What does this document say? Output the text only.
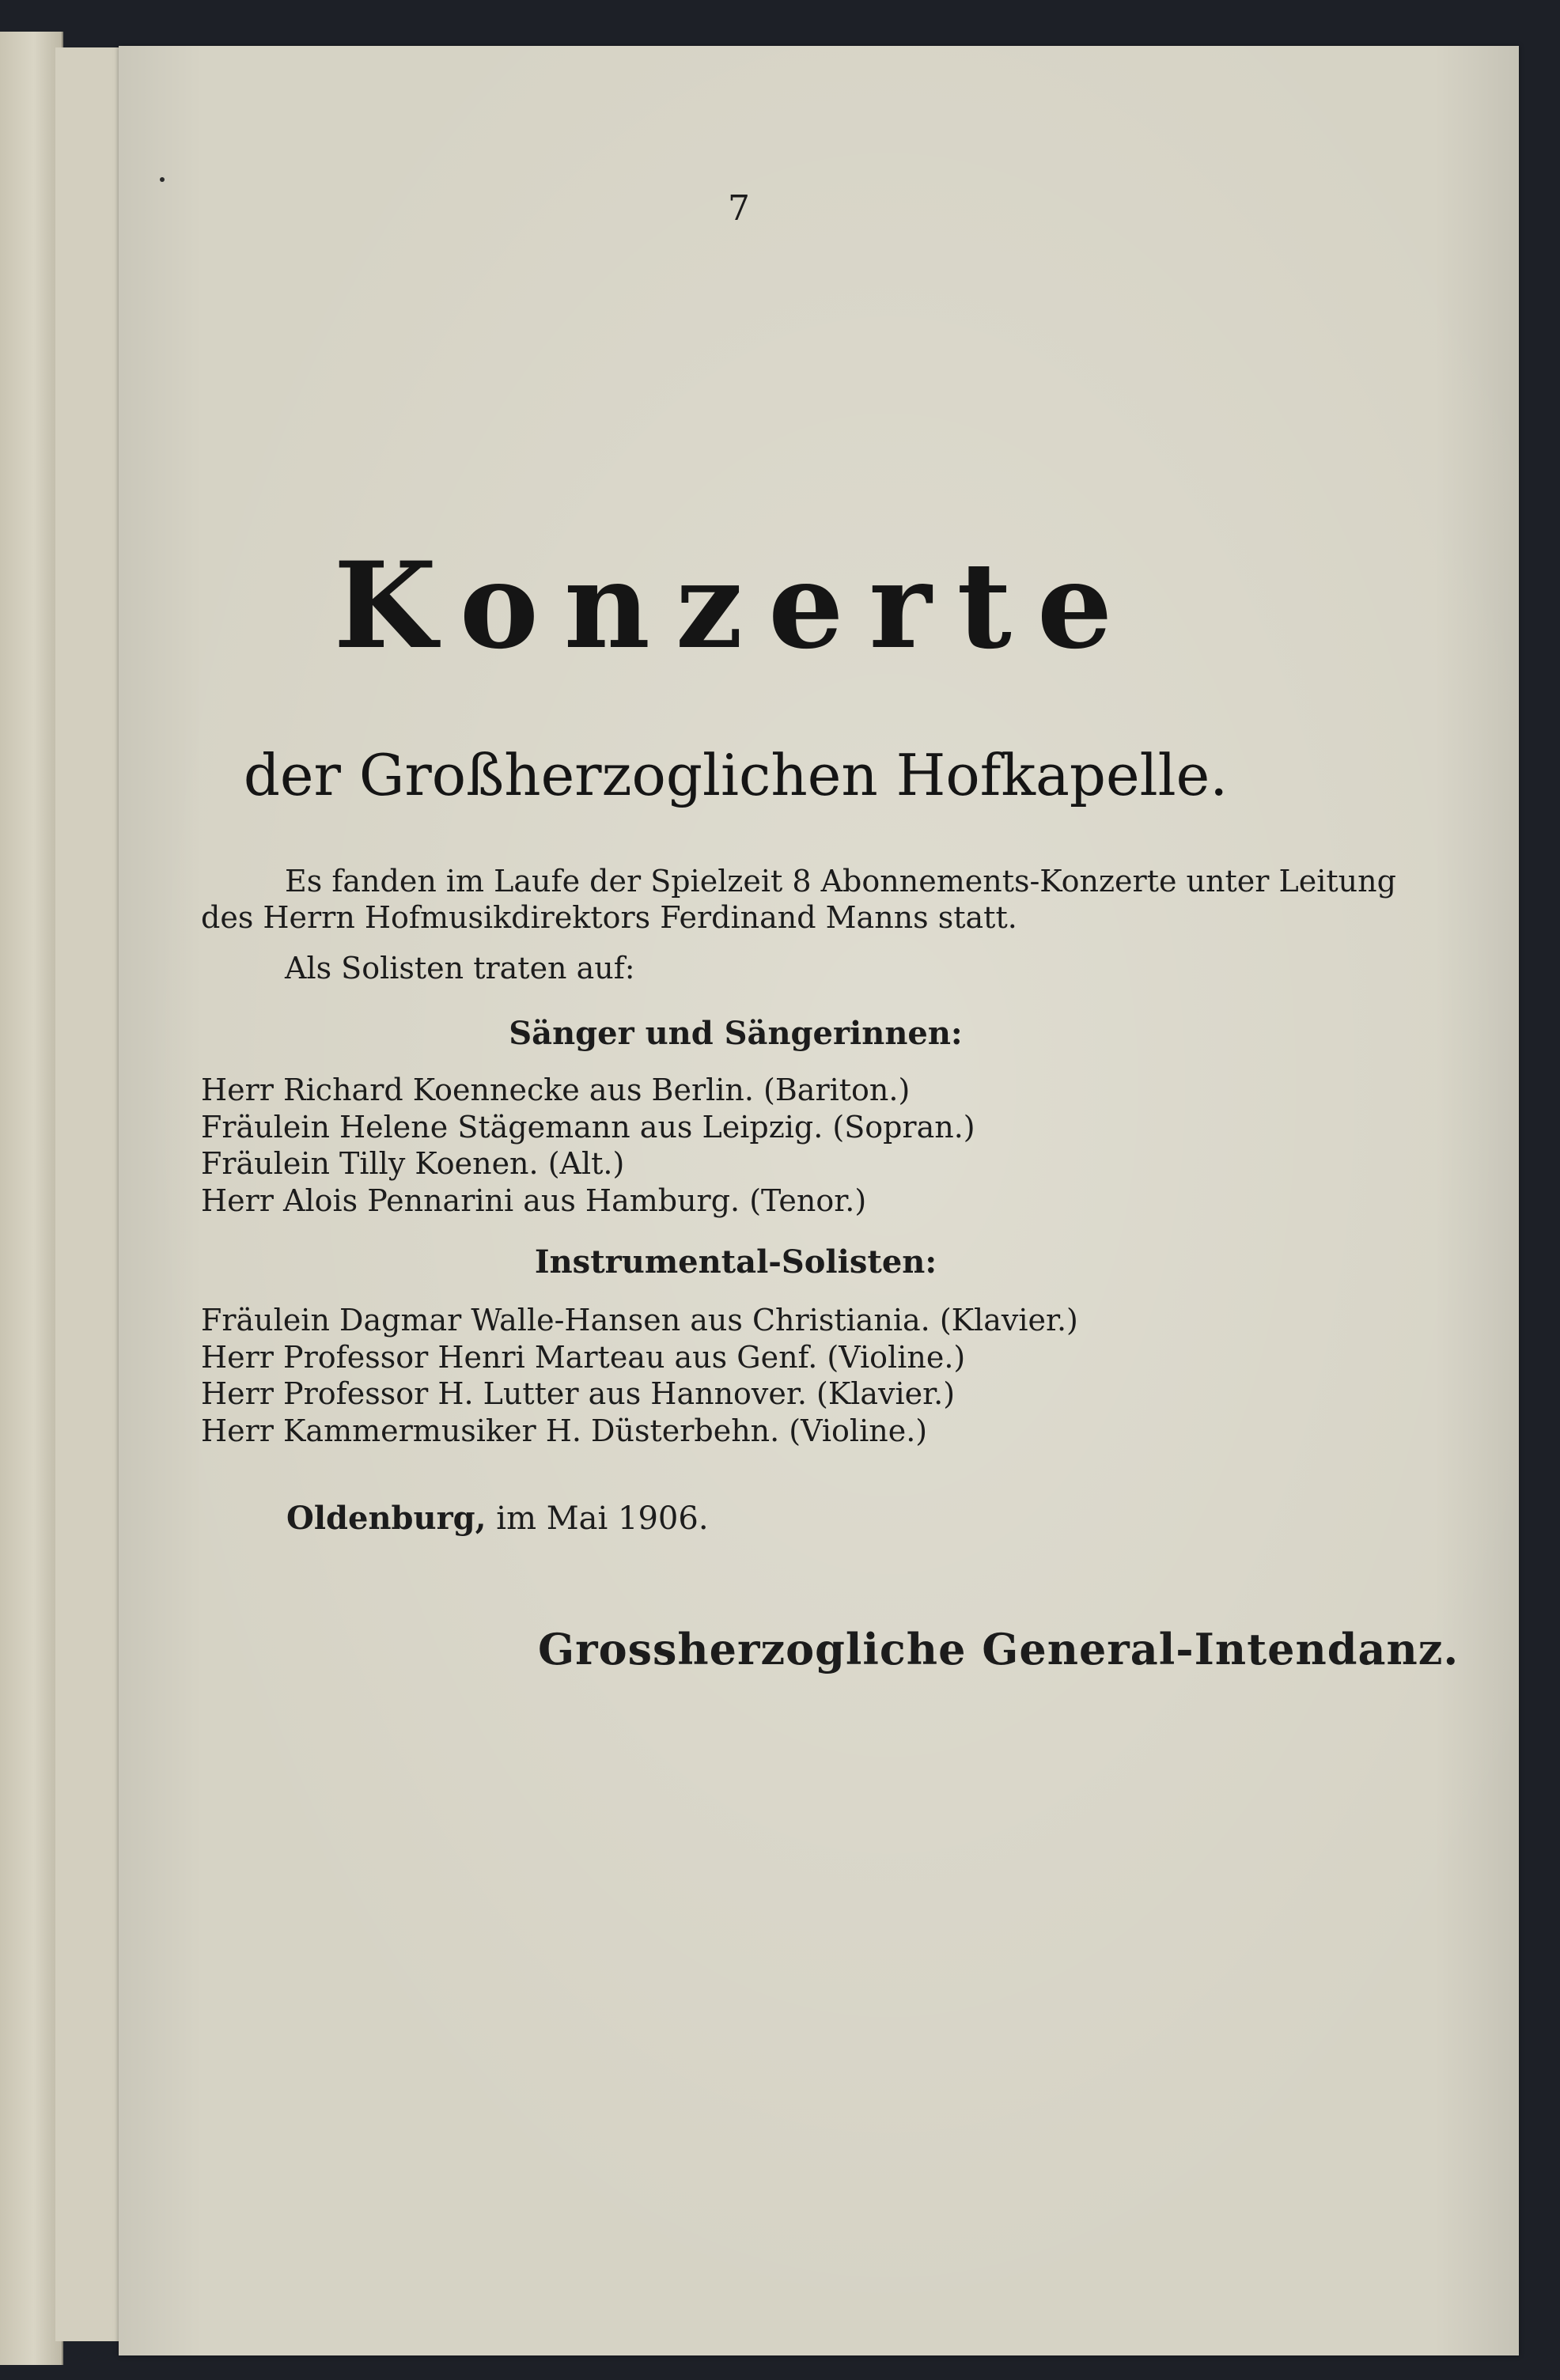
7
Konzerte
der Großherzoglichen Hofkapelle.
Es fanden im Laufe der Spielzeit 8 Abonnements-Konzerte unter Leitung
des Herrn Hofmusikdirektors Ferdinand Manns statt.
Als Solisten traten auf:
Sänger und Sängerinnen:
Herr Richard Koennecke aus Berlin. (Bariton.)
Fräulein Helene Stägemann aus Leipzig. (Sopran.)
Fräulein Tilly Koenen. (Alt.)
Herr Alois Pennarini aus Hamburg. (Tenor.)
Instrumental-Solisten:
Fräulein Dagmar Walle-Hansen aus Christiania. (Klavier.)
Herr Professor Henri Marteau aus Genf. (Violine.)
Herr Professor H. Lutter aus Hannover. (Klavier.)
Herr Kammermusiker H. Düsterbehn. (Violine.)
Oldenburg, im Mai 1906.
Grossherzogliche General-Intendanz.
